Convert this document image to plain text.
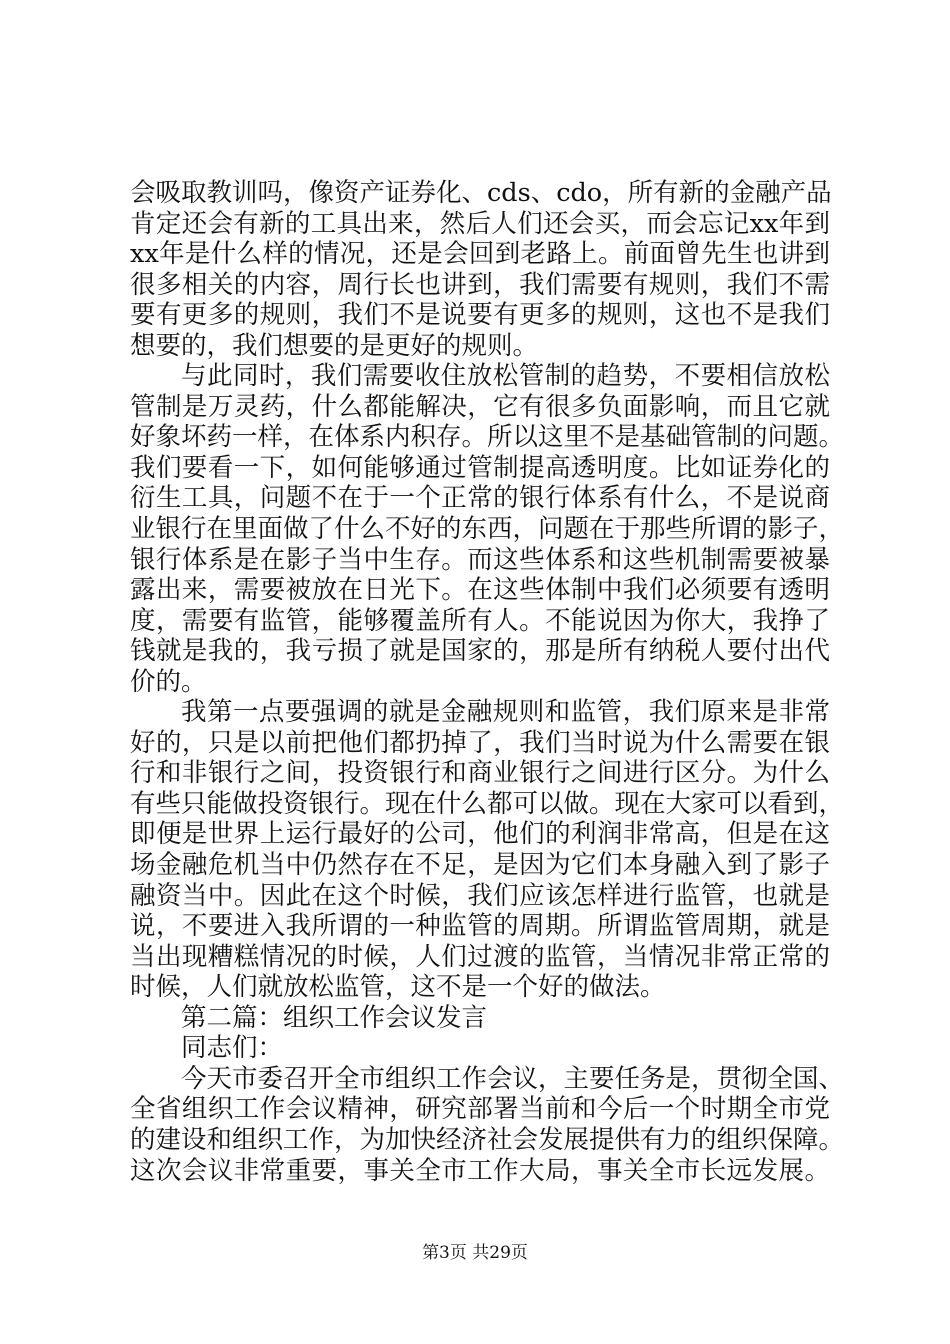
会吸取教训吗，像资产证券化、cds、cdo，所有新的金融产品
肯定还会有新的工具出来，然后人们还会买，而会忘记xx年到
xx年是什么样的情况，还是会回到老路上。前面曾先生也讲到
很多相关的内容，周行长也讲到，我们需要有规则，我们不需
要有更多的规则，我们不是说要有更多的规则，这也不是我们
想要的，我们想要的是更好的规则。
与此同时，我们需要收住放松管制的趋势，不要相信放松
管制是万灵药，什么都能解决，它有很多负面影响，而且它就
好象坏药一样，在体系内积存。所以这里不是基础管制的问题。
我们要看一下，如何能够通过管制提高透明度。比如证券化的
衍生工具，问题不在于一个正常的银行体系有什么，不是说商
业银行在里面做了什么不好的东西，问题在于那些所谓的影子，
银行体系是在影子当中生存。而这些体系和这些机制需要被暴
露出来，需要被放在日光下。在这些体制中我们必须要有透明
度，需要有监管，能够覆盖所有人。不能说因为你大，我挣了
钱就是我的，我亏损了就是国家的，那是所有纳税人要付出代
价的。
我第一点要强调的就是金融规则和监管，我们原来是非常
好的，只是以前把他们都扔掉了，我们当时说为什么需要在银
行和非银行之间，投资银行和商业银行之间进行区分。为什么
有些只能做投资银行。现在什么都可以做。现在大家可以看到，
即便是世界上运行最好的公司，他们的利润非常高，但是在这
场金融危机当中仍然存在不足，是因为它们本身融入到了影子
融资当中。因此在这个时候，我们应该怎样进行监管，也就是
说，不要进入我所谓的一种监管的周期。所谓监管周期，就是
当出现糟糕情况的时候，人们过渡的监管，当情况非常正常的
时候，人们就放松监管，这不是一个好的做法。
第二篇：组织工作会议发言
同志们：
今天市委召开全市组织工作会议，主要任务是，贯彻全国、
全省组织工作会议精神，研究部署当前和今后一个时期全市党
的建设和组织工作，为加快经济社会发展提供有力的组织保障。
这次会议非常重要，事关全市工作大局，事关全市长远发展。
第3页 共29页
